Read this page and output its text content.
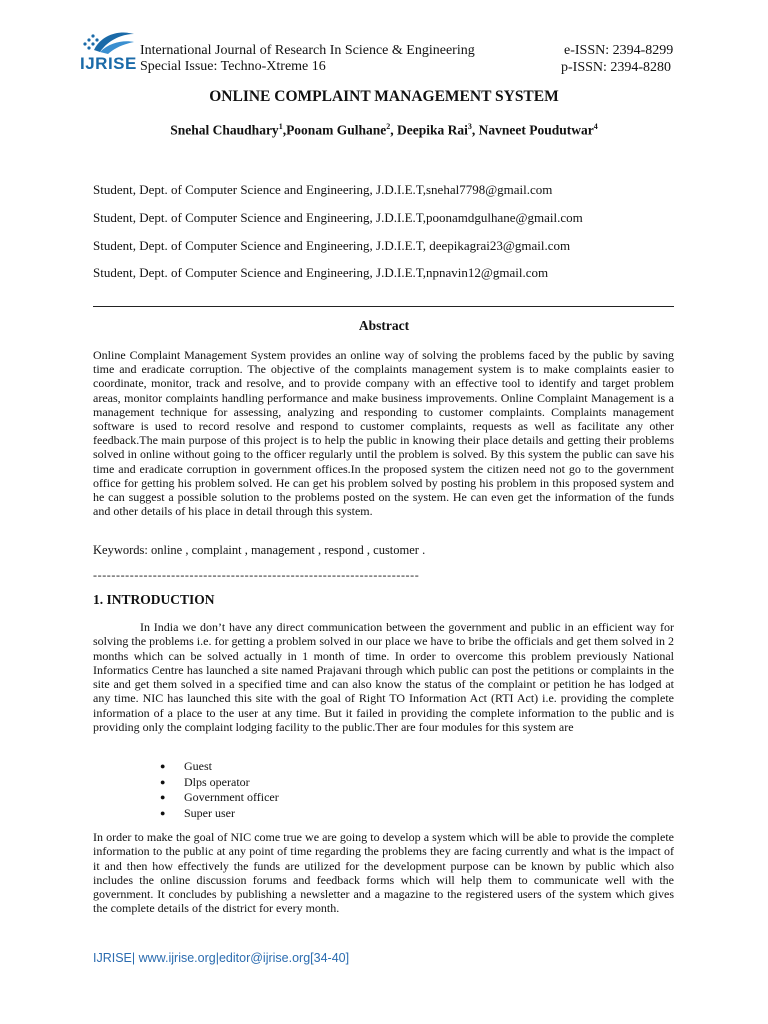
IJRISE
International Journal of Research In Science & Engineering
Special Issue: Techno-Xtreme 16
e-ISSN: 2394-8299
p-ISSN: 2394-8280
ONLINE COMPLAINT MANAGEMENT SYSTEM
Snehal Chaudhary$^1$,Poonam Gulhane$^2$, Deepika Rai$^3$, Navneet Poudutwar$^4$
Student, Dept. of Computer Science and Engineering, J.D.I.E.T,snehal7798@gmail.com
Student, Dept. of Computer Science and Engineering, J.D.I.E.T,poonamdgulhane@gmail.com
Student, Dept. of Computer Science and Engineering, J.D.I.E.T, deepikagrai23@gmail.com
Student, Dept. of Computer Science and Engineering, J.D.I.E.T,npnavin12@gmail.com
Abstract
Online Complaint Management System provides an online way of solving the problems faced by the public by saving time and eradicate corruption. The objective of the complaints management system is to make complaints easier to coordinate, monitor, track and resolve, and to provide company with an effective tool to identify and target problem areas, monitor complaints handling performance and make business improvements. Online Complaint Management is a management technique for assessing, analyzing and responding to customer complaints. Complaints management software is used to record resolve and respond to customer complaints, requests as well as facilitate any other feedback.The main purpose of this project is to help the public in knowing their place details and getting their problems solved in online without going to the officer regularly until the problem is solved. By this system the public can save his time and eradicate corruption in government offices.In the proposed system the citizen need not go to the government office for getting his problem solved. He can get his problem solved by posting his problem in this proposed system and he can suggest a possible solution to the problems posted on the system. He can even get the information of the funds and other details of his place in detail through this system.
Keywords: online , complaint , management , respond , customer .
-----------------------------------------------------------------------
1. INTRODUCTION
In India we don’t have any direct communication between the government and public in an efficient way for solving the problems i.e. for getting a problem solved in our place we have to bribe the officials and get them solved in 2 months which can be solved actually in 1 month of time. In order to overcome this problem previously National Informatics Centre has launched a site named Prajavani through which public can post the petitions or complaints in the site and get them solved in a specified time and can also know the status of the complaint or petition he has lodged at any time. NIC has launched this site with the goal of Right TO Information Act (RTI Act) i.e. providing the complete information of a place to the user at any time. But it failed in providing the complete information to the public and is providing only the complaint lodging facility to the public.Ther are four modules for this system are
● Guest
● Dlps operator
● Government officer
● Super user
In order to make the goal of NIC come true we are going to develop a system which will be able to provide the complete information to the public at any point of time regarding the problems they are facing currently and what is the impact of it and then how effectively the funds are utilized for the development purpose can be known by public which also includes the online discussion forums and feedback forms which will help them to communicate well with the government. It concludes by publishing a newsletter and a magazine to the registered users of the system which gives the complete details of the district for every month.
IJRISE| www.ijrise.org|editor@ijrise.org[34-40]
